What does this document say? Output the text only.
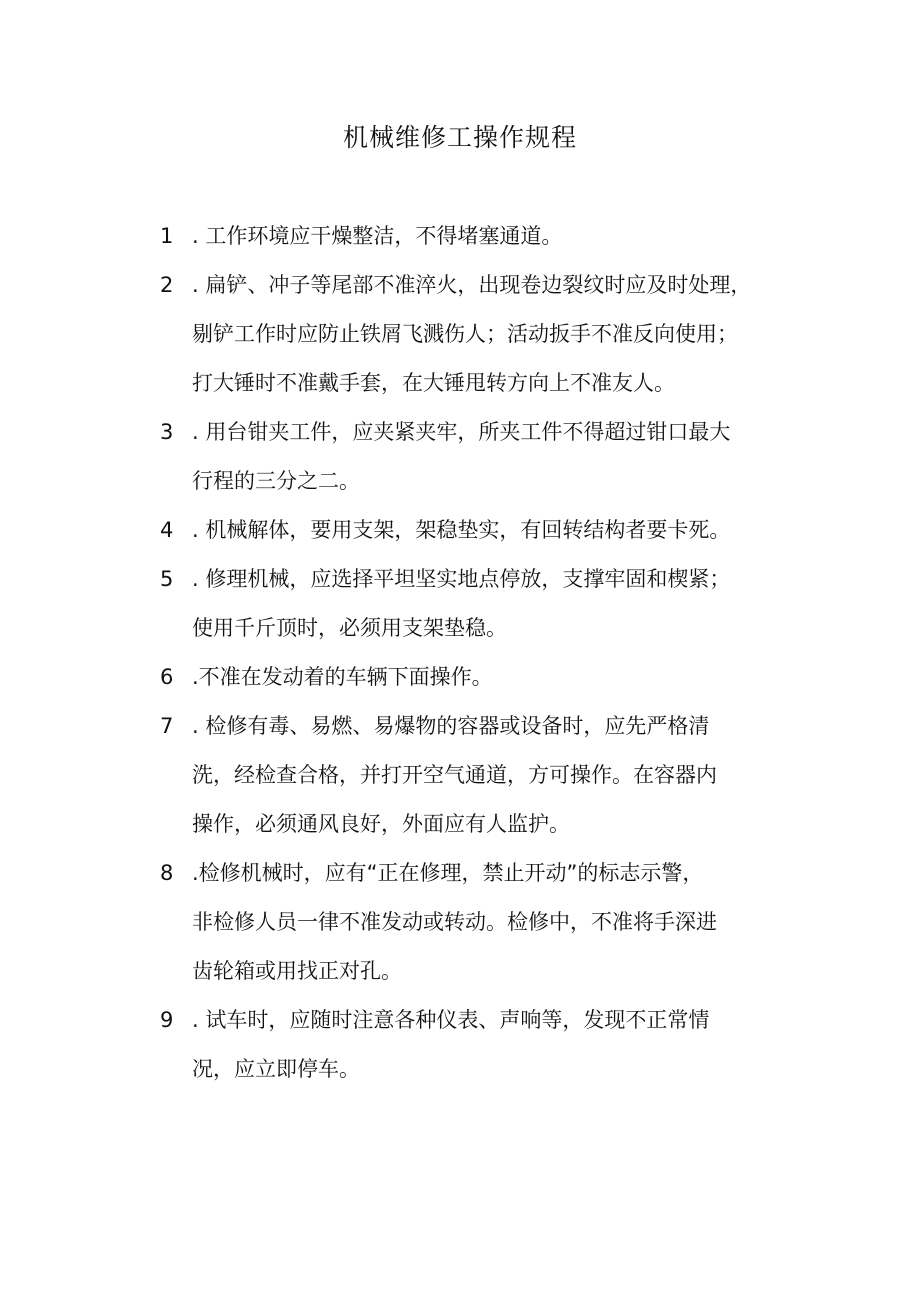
机械维修工操作规程
1 . 工作环境应干燥整洁，不得堵塞通道。
2 . 扁铲、冲子等尾部不准淬火，出现卷边裂纹时应及时处理，
剔铲工作时应防止铁屑飞溅伤人；活动扳手不准反向使用；
打大锤时不准戴手套，在大锤甩转方向上不准友人。
3 . 用台钳夹工件，应夹紧夹牢，所夹工件不得超过钳口最大
行程的三分之二。
4 . 机械解体，要用支架，架稳垫实，有回转结构者要卡死。
5 . 修理机械，应选择平坦坚实地点停放，支撑牢固和楔紧；
使用千斤顶时，必须用支架垫稳。
6 .不准在发动着的车辆下面操作。
7 . 检修有毒、易燃、易爆物的容器或设备时，应先严格清
洗，经检查合格，并打开空气通道，方可操作。在容器内
操作，必须通风良好，外面应有人监护。
8 .检修机械时，应有“正在修理，禁止开动”的标志示警，
非检修人员一律不准发动或转动。检修中，不准将手深进
齿轮箱或用找正对孔。
9 . 试车时，应随时注意各种仪表、声响等，发现不正常情
况，应立即停车。
